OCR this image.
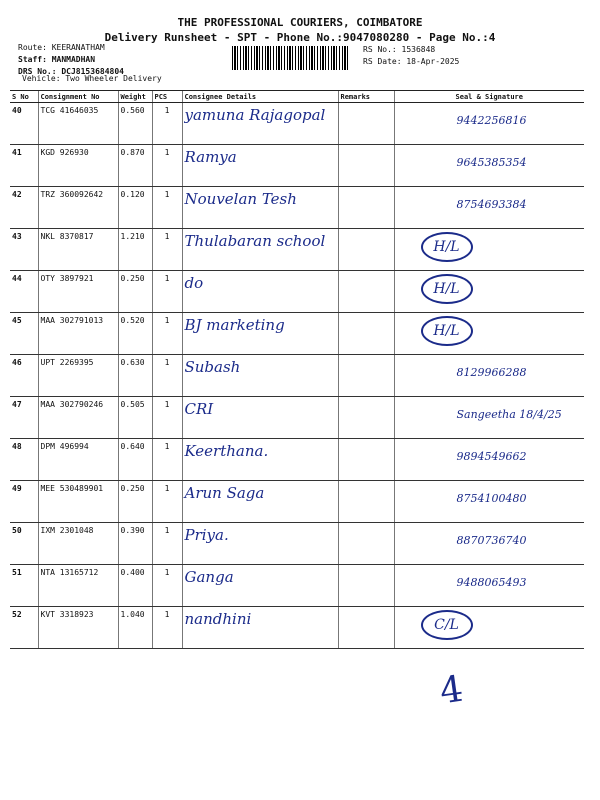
THE PROFESSIONAL COURIERS, COIMBATORE
Delivery Runsheet - SPT - Phone No.:9047080280 - Page No.:4
Route: KEERANATHAM
Staff: MANMADHAN
DRS No.: DCJ8153684804
RS No.: 1536848
RS Date: 18-Apr-2025
Vehicle: Two Wheeler Delivery
S No	Consignment No	Weight	PCS	Consignee Details	Remarks	Seal & Signature
40	TCG 41646035	0.560	1	yamuna Rajagopal		9442256816
41	KGD 926930	0.870	1	Ramya		9645385354
42	TRZ 360092642	0.120	1	Nouvelan Tesh		8754693384
43	NKL 8370817	1.210	1	Thulabaran school		H/L
44	OTY 3897921	0.250	1	do		H/L
45	MAA 302791013	0.520	1	BJ marketing		H/L
46	UPT 2269395	0.630	1	Subash		8129966288
47	MAA 302790246	0.505	1	CRI		Sangeetha 18/4/25
48	DPM 496994	0.640	1	Keerthana.		9894549662
49	MEE 530489901	0.250	1	Arun Saga		8754100480
50	IXM 2301048	0.390	1	Priya.		8870736740
51	NTA 13165712	0.400	1	Ganga		9488065493
52	KVT 3318923	1.040	1	nandhini		C/L
4
